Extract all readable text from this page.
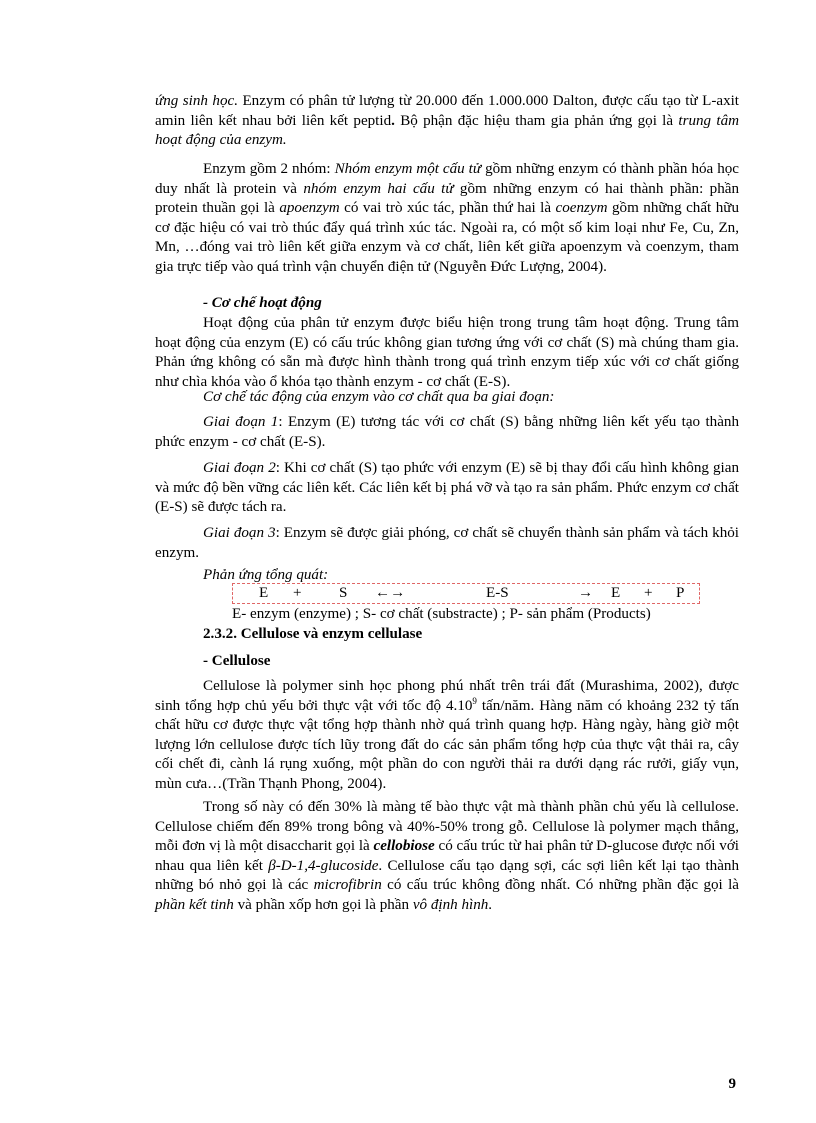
ứng sinh học. Enzym có phân tử lượng từ 20.000 đến 1.000.000 Dalton, được cấu tạo từ L-axit amin liên kết nhau bởi liên kết peptid. Bộ phận đặc hiệu tham gia phản ứng gọi là trung tâm hoạt động của enzym.

Enzym gồm 2 nhóm: Nhóm enzym một cấu tử gồm những enzym có thành phần hóa học duy nhất là protein và nhóm enzym hai cấu tử gồm những enzym có hai thành phần: phần protein thuần gọi là apoenzym có vai trò xúc tác, phần thứ hai là coenzym gồm những chất hữu cơ đặc hiệu có vai trò thúc đẩy quá trình xúc tác. Ngoài ra, có một số kim loại như Fe, Cu, Zn, Mn, …đóng vai trò liên kết giữa enzym và cơ chất, liên kết giữa apoenzym và coenzym, tham gia trực tiếp vào quá trình vận chuyển điện tử (Nguyễn Đức Lượng, 2004).

- Cơ chế hoạt động

Hoạt động của phân tử enzym được biểu hiện trong trung tâm hoạt động. Trung tâm hoạt động của enzym (E) có cấu trúc không gian tương ứng với cơ chất (S) mà chúng tham gia. Phản ứng không có sẵn mà được hình thành trong quá trình enzym tiếp xúc với cơ chất giống như chìa khóa vào ổ khóa tạo thành enzym - cơ chất (E-S).

Cơ chế tác động của enzym vào cơ chất qua ba giai đoạn:

Giai đoạn 1: Enzym (E) tương tác với cơ chất (S) bằng những liên kết yếu tạo thành phức enzym - cơ chất (E-S).

Giai đoạn 2: Khi cơ chất (S) tạo phức với enzym (E) sẽ bị thay đổi cấu hình không gian và mức độ bền vững các liên kết. Các liên kết bị phá vỡ và tạo ra sản phẩm. Phức enzym cơ chất (E-S) sẽ được tách ra.

Giai đoạn 3: Enzym sẽ được giải phóng, cơ chất sẽ chuyển thành sản phẩm và tách khỏi enzym.

Phản ứng tổng quát:

E + S ←→	E-S	→ E + P

E- enzym (enzyme) ; S- cơ chất (substracte) ; P- sản phẩm (Products)

2.3.2. Cellulose và enzym cellulase

- Cellulose

Cellulose là polymer sinh học phong phú nhất trên trái đất (Murashima, 2002), được sinh tổng hợp chủ yếu bởi thực vật với tốc độ 4.10$^9$ tấn/năm. Hàng năm có khoảng 232 tỷ tấn chất hữu cơ được thực vật tổng hợp thành nhờ quá trình quang hợp. Hàng ngày, hàng giờ một lượng lớn cellulose được tích lũy trong đất do các sản phẩm tổng hợp của thực vật thải ra, cây cối chết đi, cành lá rụng xuống, một phần do con người thải ra dưới dạng rác rưởi, giấy vụn, mùn cưa…(Trần Thạnh Phong, 2004).

Trong số này có đến 30% là màng tế bào thực vật mà thành phần chủ yếu là cellulose. Cellulose chiếm đến 89% trong bông và 40%-50% trong gỗ. Cellulose là polymer mạch thẳng, mỗi đơn vị là một disaccharit gọi là cellobiose có cấu trúc từ hai phân tử D-glucose được nối với nhau qua liên kết β-D-1,4-glucoside. Cellulose cấu tạo dạng sợi, các sợi liên kết lại tạo thành những bó nhỏ gọi là các microfibrin có cấu trúc không đồng nhất. Có những phần đặc gọi là phần kết tinh và phần xốp hơn gọi là phần vô định hình.

9
